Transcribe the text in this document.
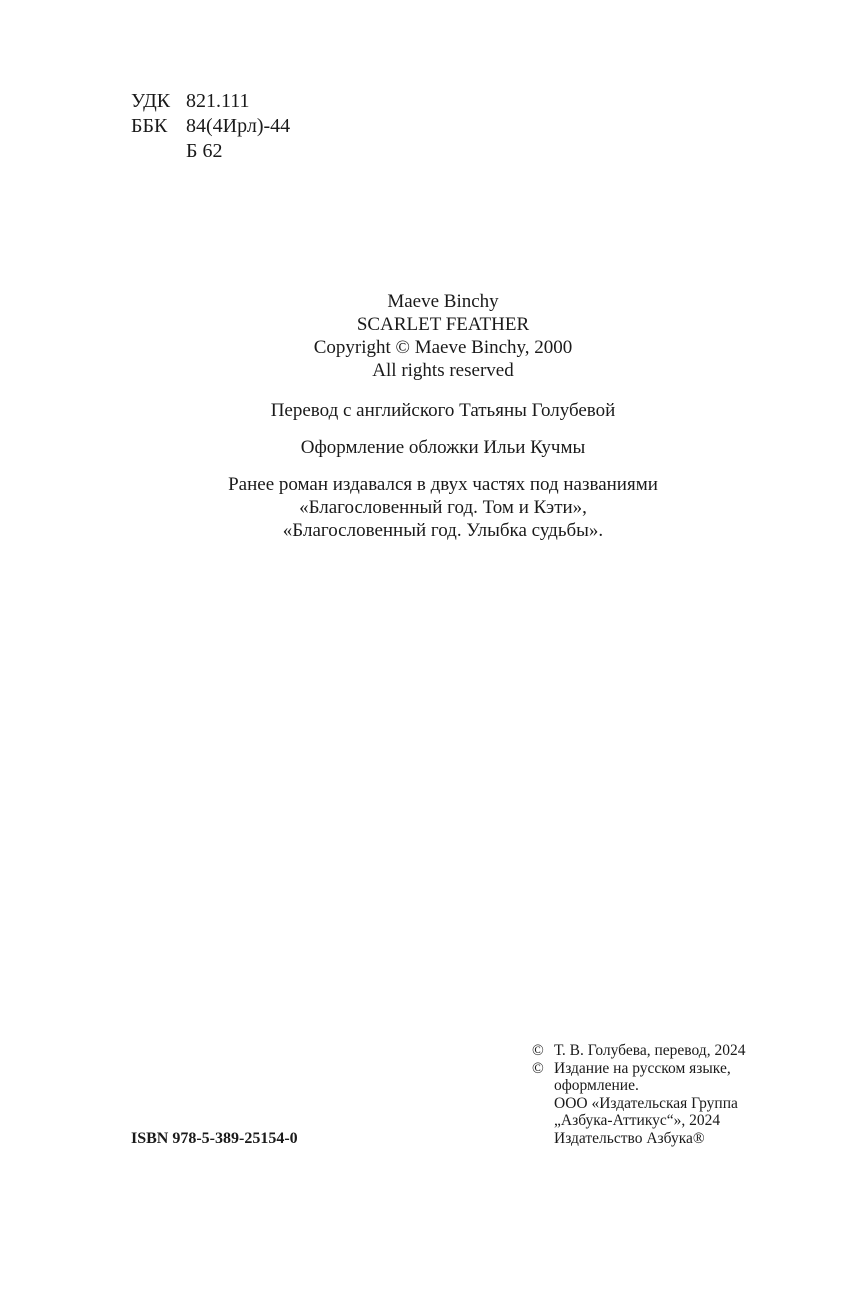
УДК 821.111
ББК 84(4Ирл)-44
Б 62

Maeve Binchy

SCARLET FEATHER

Copyright © Maeve Binchy, 2000

All rights reserved

Перевод с английского Татьяны Голубевой

Оформление обложки Ильи Кучмы

Ранее роман издавался в двух частях под названиями

«Благословенный год. Том и Кэти»,

«Благословенный год. Улыбка судьбы».

© Т. В. Голубева, перевод, 2024
© Издание на русском языке,
оформление.
ООО «Издательская Группа
„Азбука-Аттикус“», 2024
Издательство Азбука®
ISBN 978-5-389-25154-0
